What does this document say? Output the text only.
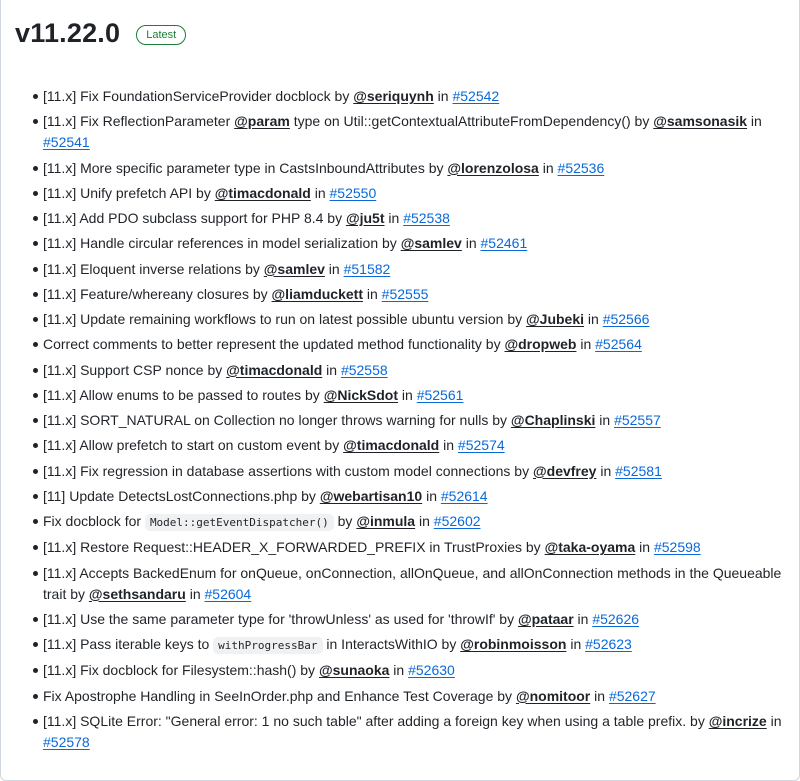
v11.22.0	Latest
[11.x] Fix FoundationServiceProvider docblock by @seriquynh in #52542
[11.x] Fix ReflectionParameter @param type on Util::getContextualAttributeFromDependency() by @samsonasik in #52541
[11.x] More specific parameter type in CastsInboundAttributes by @lorenzolosa in #52536
[11.x] Unify prefetch API by @timacdonald in #52550
[11.x] Add PDO subclass support for PHP 8.4 by @ju5t in #52538
[11.x] Handle circular references in model serialization by @samlev in #52461
[11.x] Eloquent inverse relations by @samlev in #51582
[11.x] Feature/whereany closures by @liamduckett in #52555
[11.x] Update remaining workflows to run on latest possible ubuntu version by @Jubeki in #52566
Correct comments to better represent the updated method functionality by @dropweb in #52564
[11.x] Support CSP nonce by @timacdonald in #52558
[11.x] Allow enums to be passed to routes by @NickSdot in #52561
[11.x] SORT_NATURAL on Collection no longer throws warning for nulls by @Chaplinski in #52557
[11.x] Allow prefetch to start on custom event by @timacdonald in #52574
[11.x] Fix regression in database assertions with custom model connections by @devfrey in #52581
[11] Update DetectsLostConnections.php by @webartisan10 in #52614
Fix docblock for Model::getEventDispatcher() by @inmula in #52602
[11.x] Restore Request::HEADER_X_FORWARDED_PREFIX in TrustProxies by @taka-oyama in #52598
[11.x] Accepts BackedEnum for onQueue, onConnection, allOnQueue, and allOnConnection methods in the Queueable trait by @sethsandaru in #52604
[11.x] Use the same parameter type for 'throwUnless' as used for 'throwIf' by @pataar in #52626
[11.x] Pass iterable keys to withProgressBar in InteractsWithIO by @robinmoisson in #52623
[11.x] Fix docblock for Filesystem::hash() by @sunaoka in #52630
Fix Apostrophe Handling in SeeInOrder.php and Enhance Test Coverage by @nomitoor in #52627
[11.x] SQLite Error: "General error: 1 no such table" after adding a foreign key when using a table prefix. by @incrize in #52578
